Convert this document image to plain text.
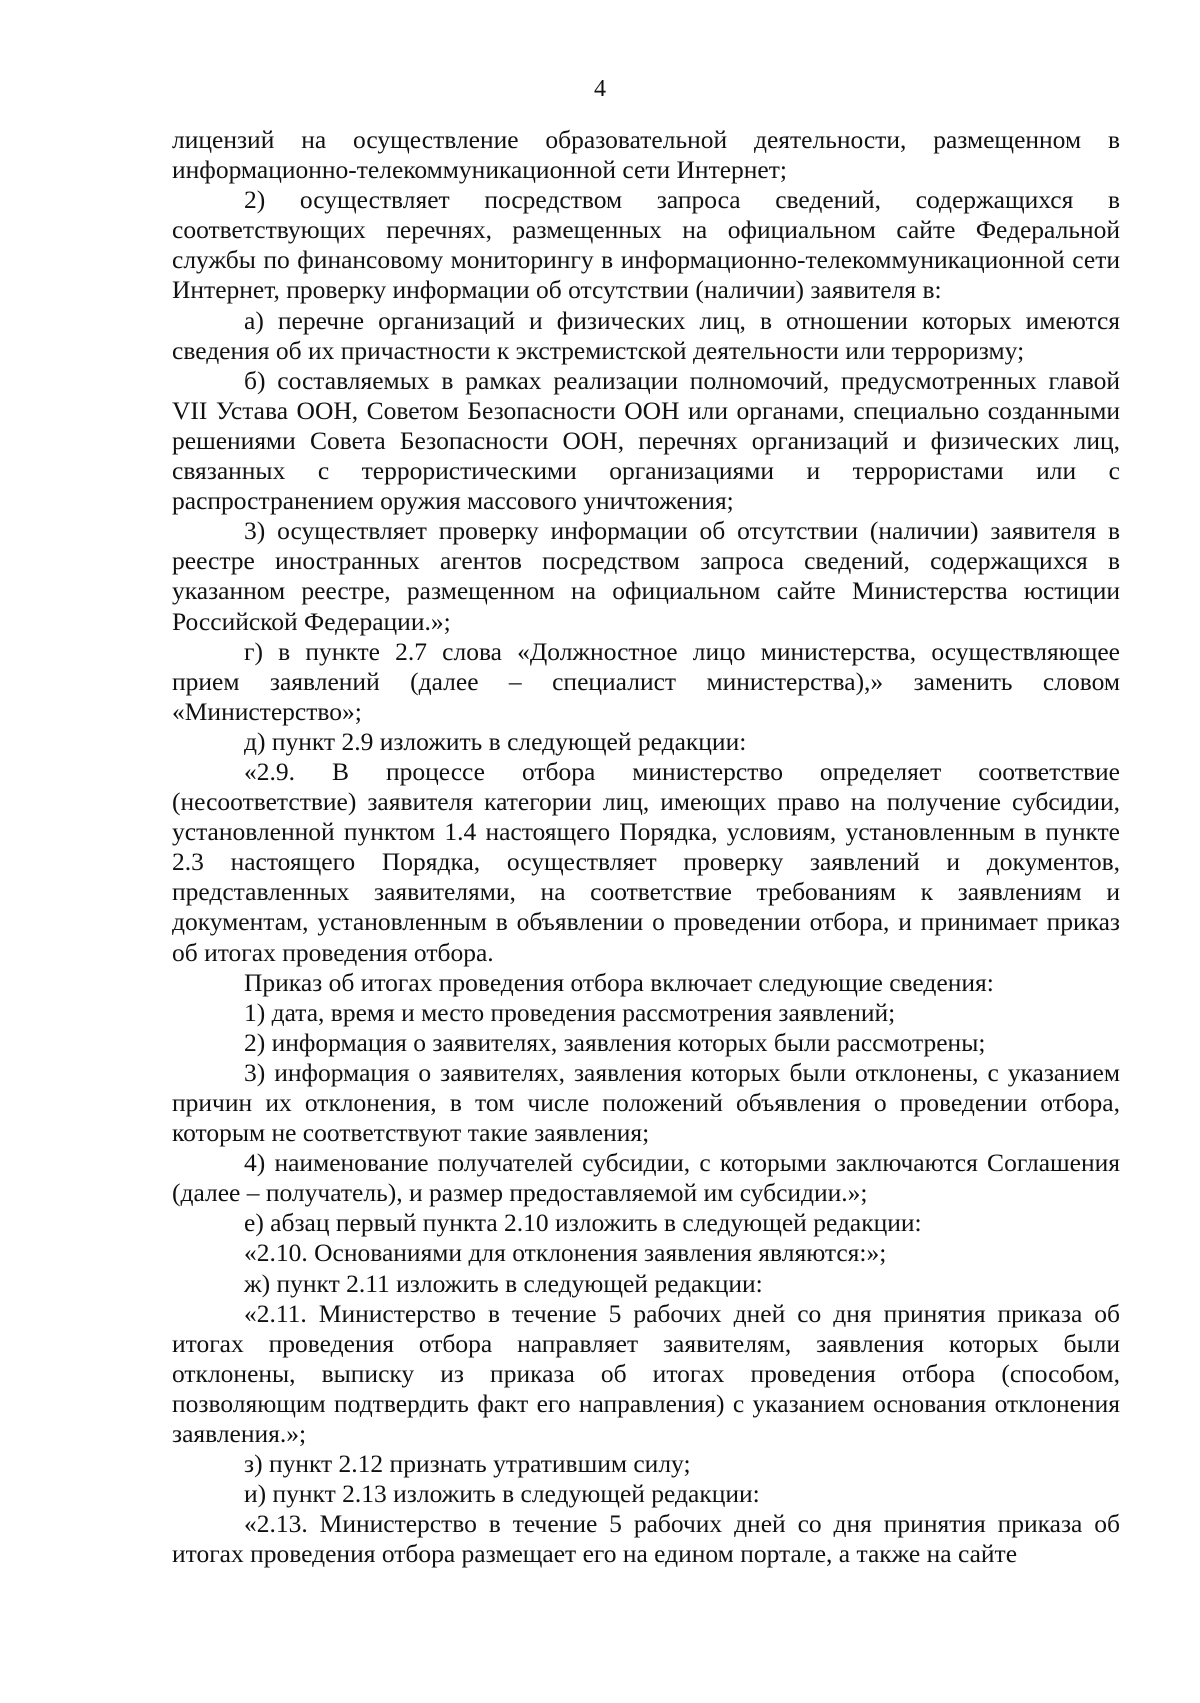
4

лицензий на осуществление образовательной деятельности, размещенном в информационно-телекоммуникационной сети Интернет;

2) осуществляет посредством запроса сведений, содержащихся в соответствующих перечнях, размещенных на официальном сайте Федеральной службы по финансовому мониторингу в информационно-телекоммуникационной сети Интернет, проверку информации об отсутствии (наличии) заявителя в:

а) перечне организаций и физических лиц, в отношении которых имеются сведения об их причастности к экстремистской деятельности или терроризму;

б) составляемых в рамках реализации полномочий, предусмотренных главой VII Устава ООН, Советом Безопасности ООН или органами, специально созданными решениями Совета Безопасности ООН, перечнях организаций и физических лиц, связанных с террористическими организациями и террористами или с распространением оружия массового уничтожения;

3) осуществляет проверку информации об отсутствии (наличии) заявителя в реестре иностранных агентов посредством запроса сведений, содержащихся в указанном реестре, размещенном на официальном сайте Министерства юстиции Российской Федерации.»;

г) в пункте 2.7 слова «Должностное лицо министерства, осуществляющее прием заявлений (далее – специалист министерства),» заменить словом «Министерство»;

д) пункт 2.9 изложить в следующей редакции:

«2.9. В процессе отбора министерство определяет соответствие (несоответствие) заявителя категории лиц, имеющих право на получение субсидии, установленной пунктом 1.4 настоящего Порядка, условиям, установленным в пункте 2.3 настоящего Порядка, осуществляет проверку заявлений и документов, представленных заявителями, на соответствие требованиям к заявлениям и документам, установленным в объявлении о проведении отбора, и принимает приказ об итогах проведения отбора.

Приказ об итогах проведения отбора включает следующие сведения:

1) дата, время и место проведения рассмотрения заявлений;

2) информация о заявителях, заявления которых были рассмотрены;

3) информация о заявителях, заявления которых были отклонены, с указанием причин их отклонения, в том числе положений объявления о проведении отбора, которым не соответствуют такие заявления;

4) наименование получателей субсидии, с которыми заключаются Соглашения (далее – получатель), и размер предоставляемой им субсидии.»;

е) абзац первый пункта 2.10 изложить в следующей редакции:

«2.10. Основаниями для отклонения заявления являются:»;

ж) пункт 2.11 изложить в следующей редакции:

«2.11. Министерство в течение 5 рабочих дней со дня принятия приказа об итогах проведения отбора направляет заявителям, заявления которых были отклонены, выписку из приказа об итогах проведения отбора (способом, позволяющим подтвердить факт его направления) с указанием основания отклонения заявления.»;

з) пункт 2.12 признать утратившим силу;

и) пункт 2.13 изложить в следующей редакции:

«2.13. Министерство в течение 5 рабочих дней со дня принятия приказа об итогах проведения отбора размещает его на едином портале, а также на сайте
